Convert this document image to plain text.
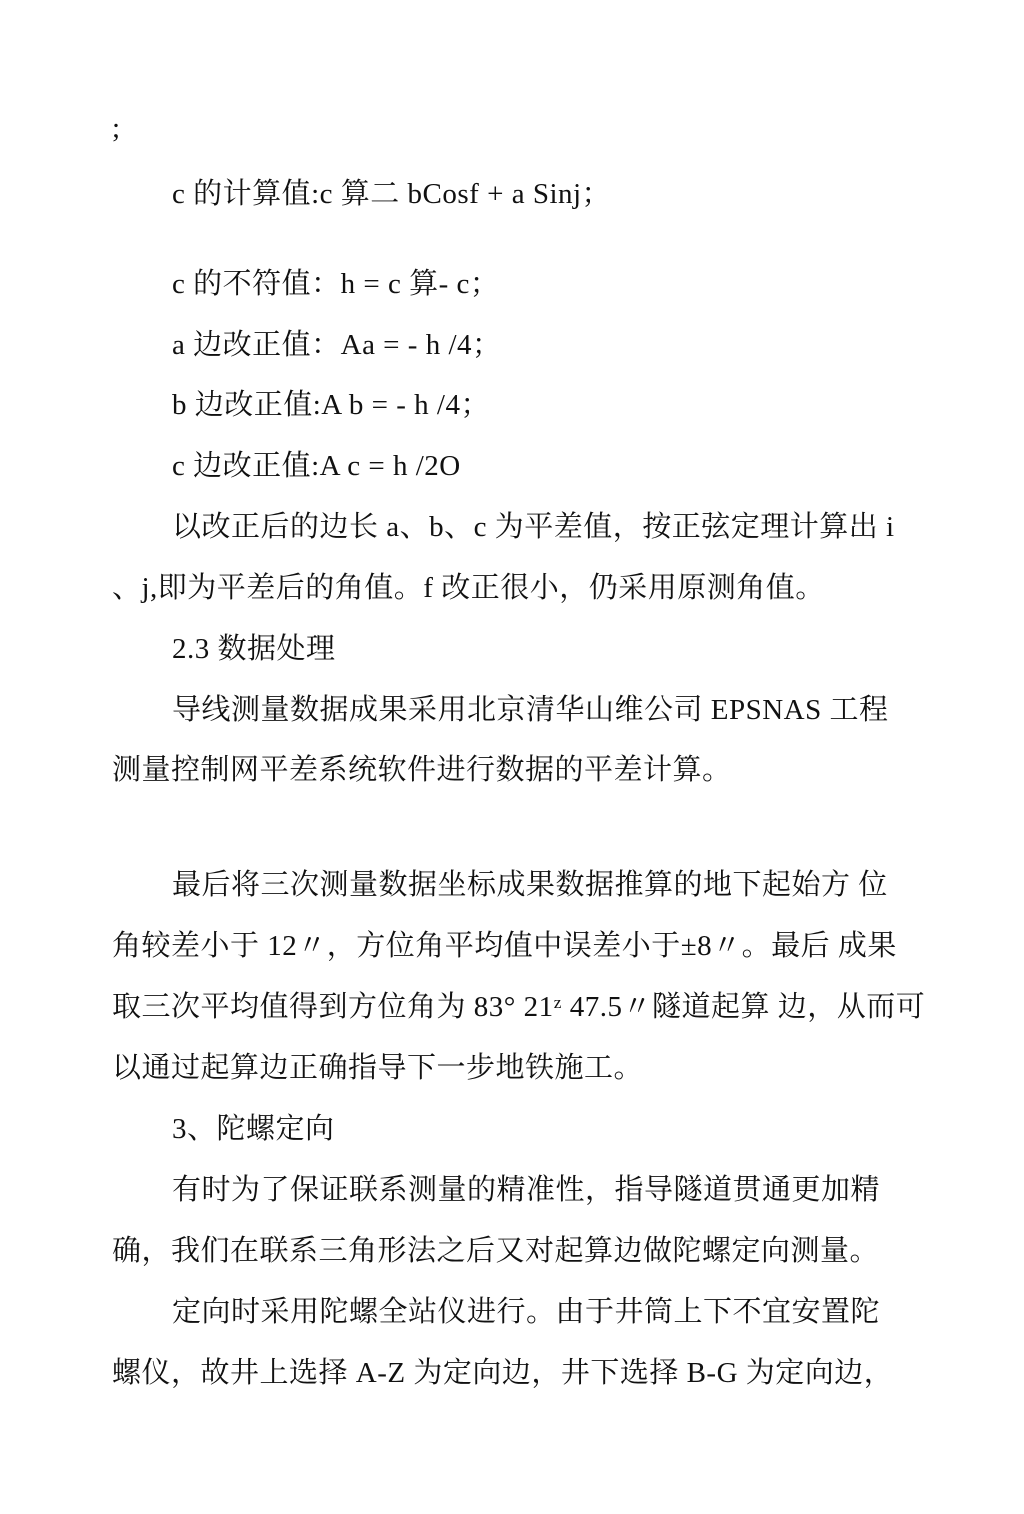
;
c 的计算值:c 算二 bCosf + a Sinj；
c 的不符值：h = c 算- c；
a 边改正值：Aa = - h /4；
b 边改正值:A b = - h /4；
c 边改正值:A c = h /2O
以改正后的边长 a、b、c 为平差值，按正弦定理计算出 i
、j,即为平差后的角值。f 改正很小，仍采用原测角值。
2.3 数据处理
导线测量数据成果采用北京清华山维公司 EPSNAS 工程
测量控制网平差系统软件进行数据的平差计算。
最后将三次测量数据坐标成果数据推算的地下起始方 位
角较差小于 12〃，方位角平均值中误差小于±8〃。最后 成果
取三次平均值得到方位角为 83° 21ᶻ 47.5〃隧道起算 边，从而可
以通过起算边正确指导下一步地铁施工。
3、陀螺定向
有时为了保证联系测量的精准性，指导隧道贯通更加精
确，我们在联系三角形法之后又对起算边做陀螺定向测量。
定向时采用陀螺全站仪进行。由于井筒上下不宜安置陀
螺仪，故井上选择 A-Z 为定向边，井下选择 B-G 为定向边，
